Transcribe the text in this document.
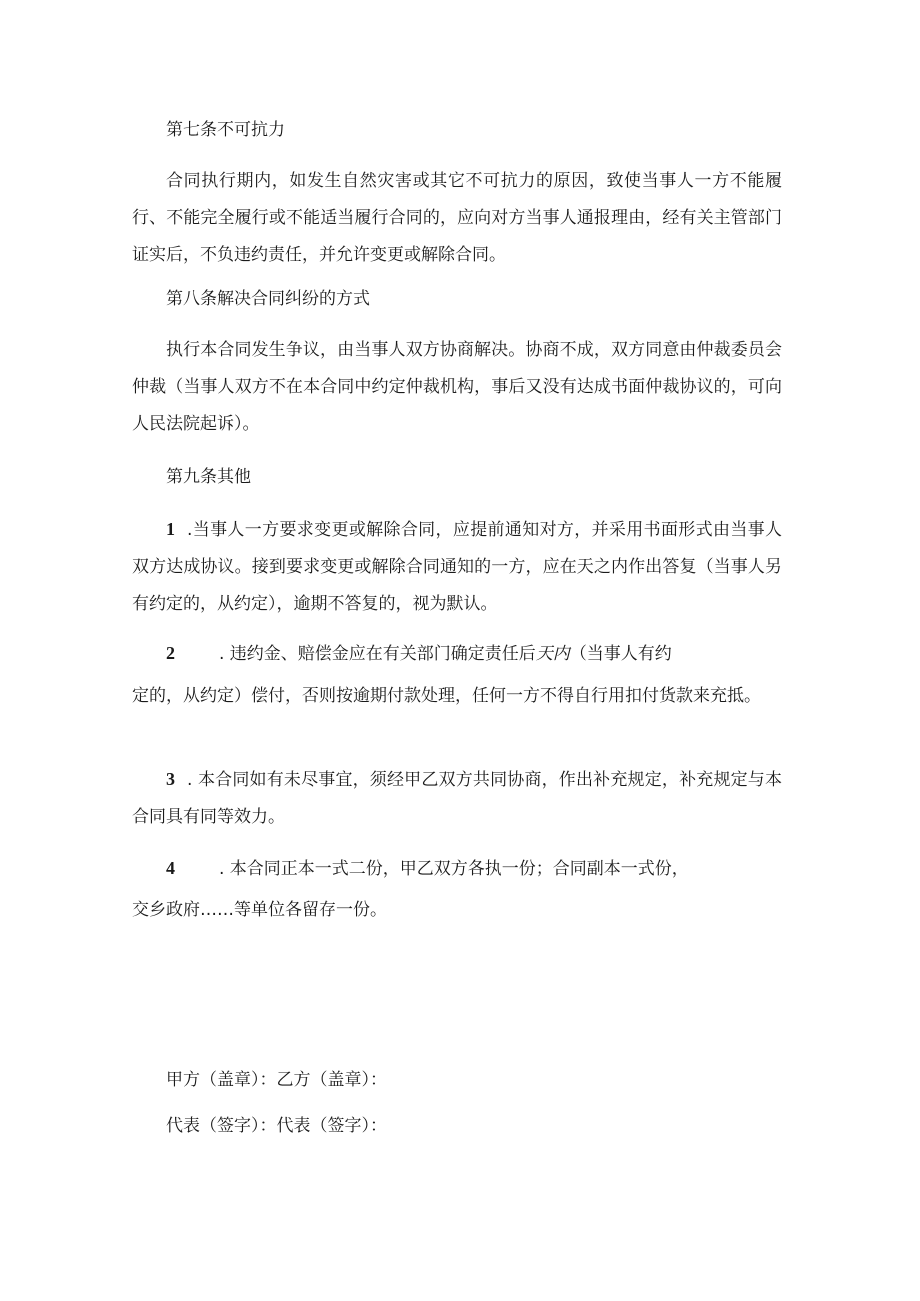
第七条不可抗力

合同执行期内，如发生自然灾害或其它不可抗力的原因，致使当事人一方不能履行、不能完全履行或不能适当履行合同的，应向对方当事人通报理由，经有关主管部门证实后，不负违约责任，并允许变更或解除合同。

第八条解决合同纠纷的方式

执行本合同发生争议，由当事人双方协商解决。协商不成，双方同意由仲裁委员会仲裁（当事人双方不在本合同中约定仲裁机构，事后又没有达成书面仲裁协议的，可向人民法院起诉）。

第九条其他

1 .当事人一方要求变更或解除合同，应提前通知对方，并采用书面形式由当事人双方达成协议。接到要求变更或解除合同通知的一方，应在天之内作出答复（当事人另有约定的，从约定），逾期不答复的，视为默认。

2	. 违约金、赔偿金应在有关部门确定责任后天内（当事人有约

定的，从约定）偿付，否则按逾期付款处理，任何一方不得自行用扣付货款来充抵。

3 . 本合同如有未尽事宜，须经甲乙双方共同协商，作出补充规定，补充规定与本合同具有同等效力。

4	. 本合同正本一式二份，甲乙双方各执一份；合同副本一式份，
交乡政府……等单位各留存一份。
甲方（盖章）：乙方（盖章）：
代表（签字）：代表（签字）：
